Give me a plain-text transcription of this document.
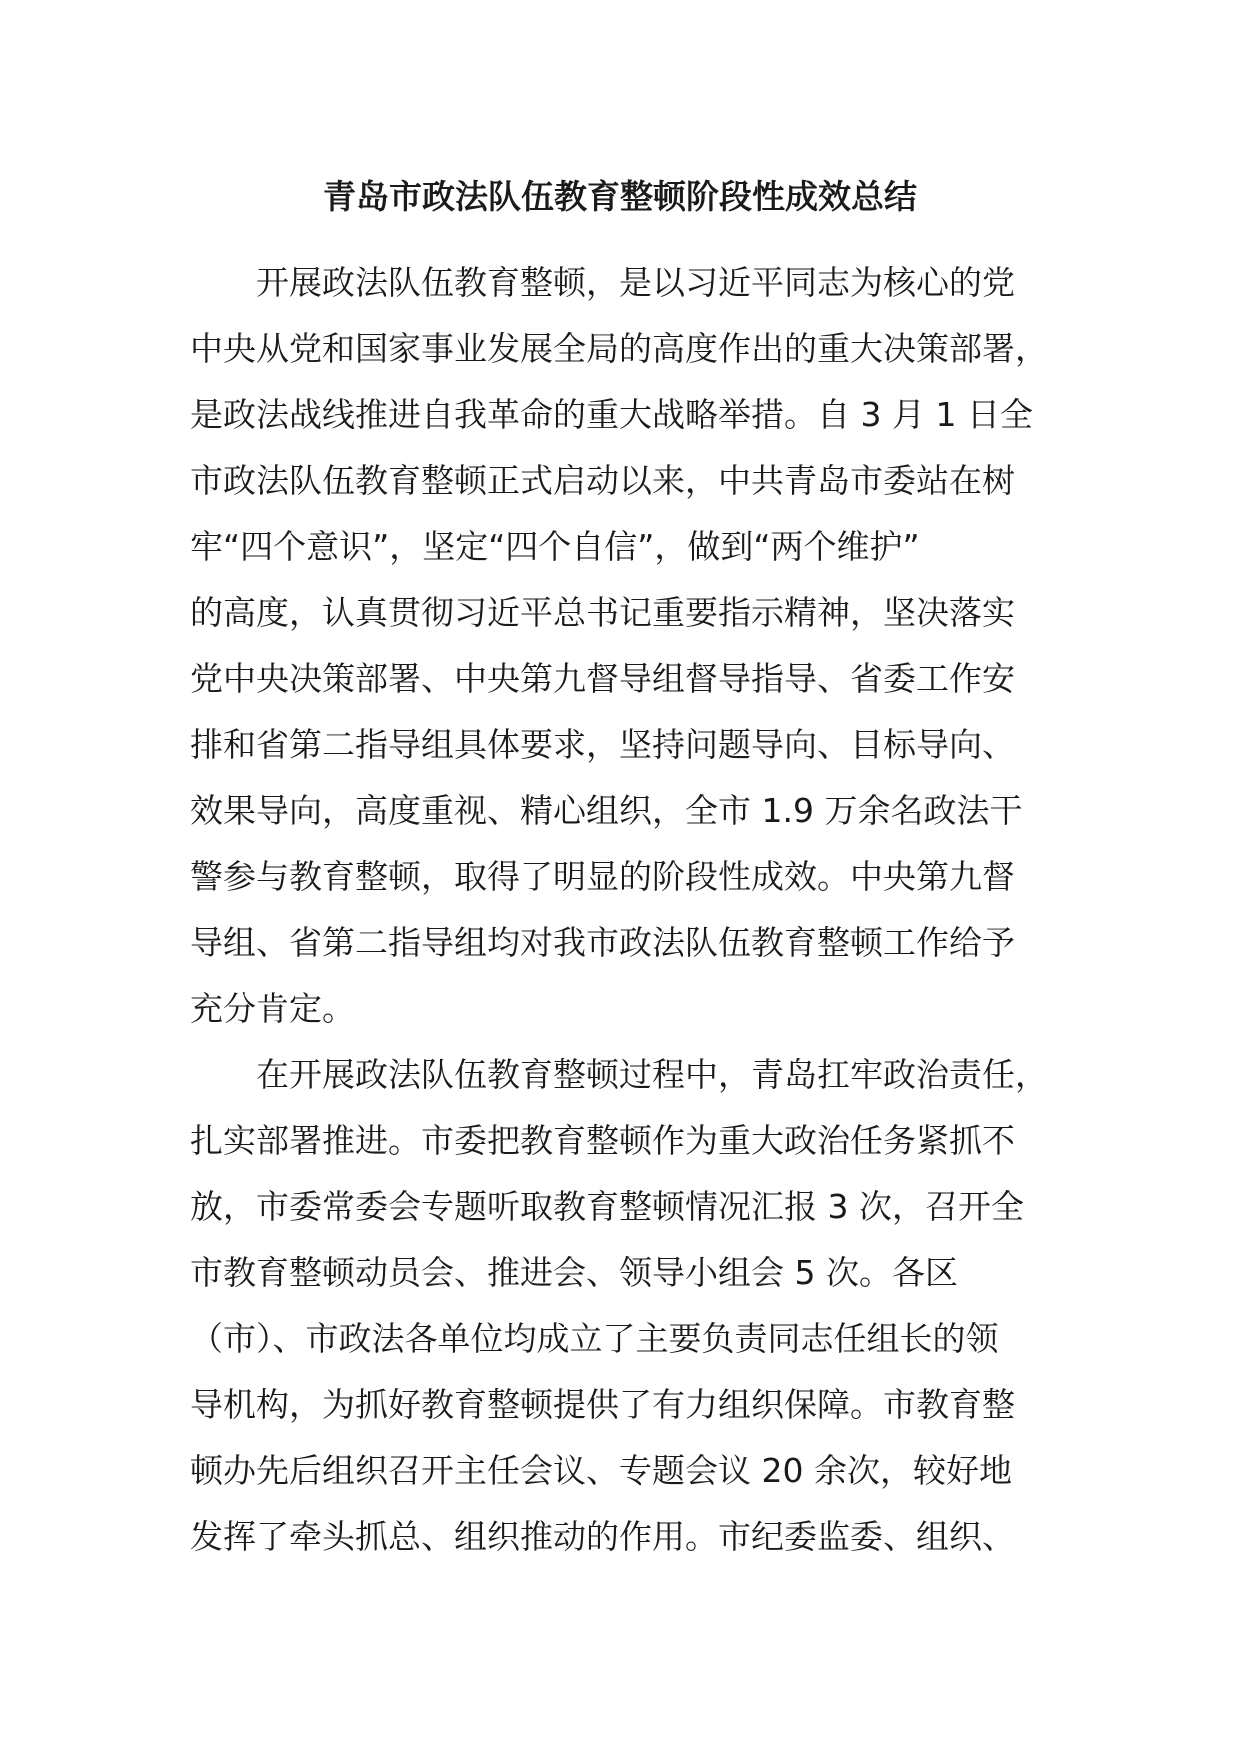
青岛市政法队伍教育整顿阶段性成效总结

开展政法队伍教育整顿，是以习近平同志为核心的党

中央从党和国家事业发展全局的高度作出的重大决策部署，

是政法战线推进自我革命的重大战略举措。自 3 月 1 日全

市政法队伍教育整顿正式启动以来，中共青岛市委站在树

牢“四个意识”，坚定“四个自信”，做到“两个维护”

的高度，认真贯彻习近平总书记重要指示精神，坚决落实

党中央决策部署、中央第九督导组督导指导、省委工作安

排和省第二指导组具体要求，坚持问题导向、目标导向、

效果导向，高度重视、精心组织，全市 1.9 万余名政法干

警参与教育整顿，取得了明显的阶段性成效。中央第九督

导组、省第二指导组均对我市政法队伍教育整顿工作给予

充分肯定。

在开展政法队伍教育整顿过程中，青岛扛牢政治责任，

扎实部署推进。市委把教育整顿作为重大政治任务紧抓不

放，市委常委会专题听取教育整顿情况汇报 3 次，召开全

市教育整顿动员会、推进会、领导小组会 5 次。各区

（市）、市政法各单位均成立了主要负责同志任组长的领

导机构，为抓好教育整顿提供了有力组织保障。市教育整

顿办先后组织召开主任会议、专题会议 20 余次，较好地

发挥了牵头抓总、组织推动的作用。市纪委监委、组织、
